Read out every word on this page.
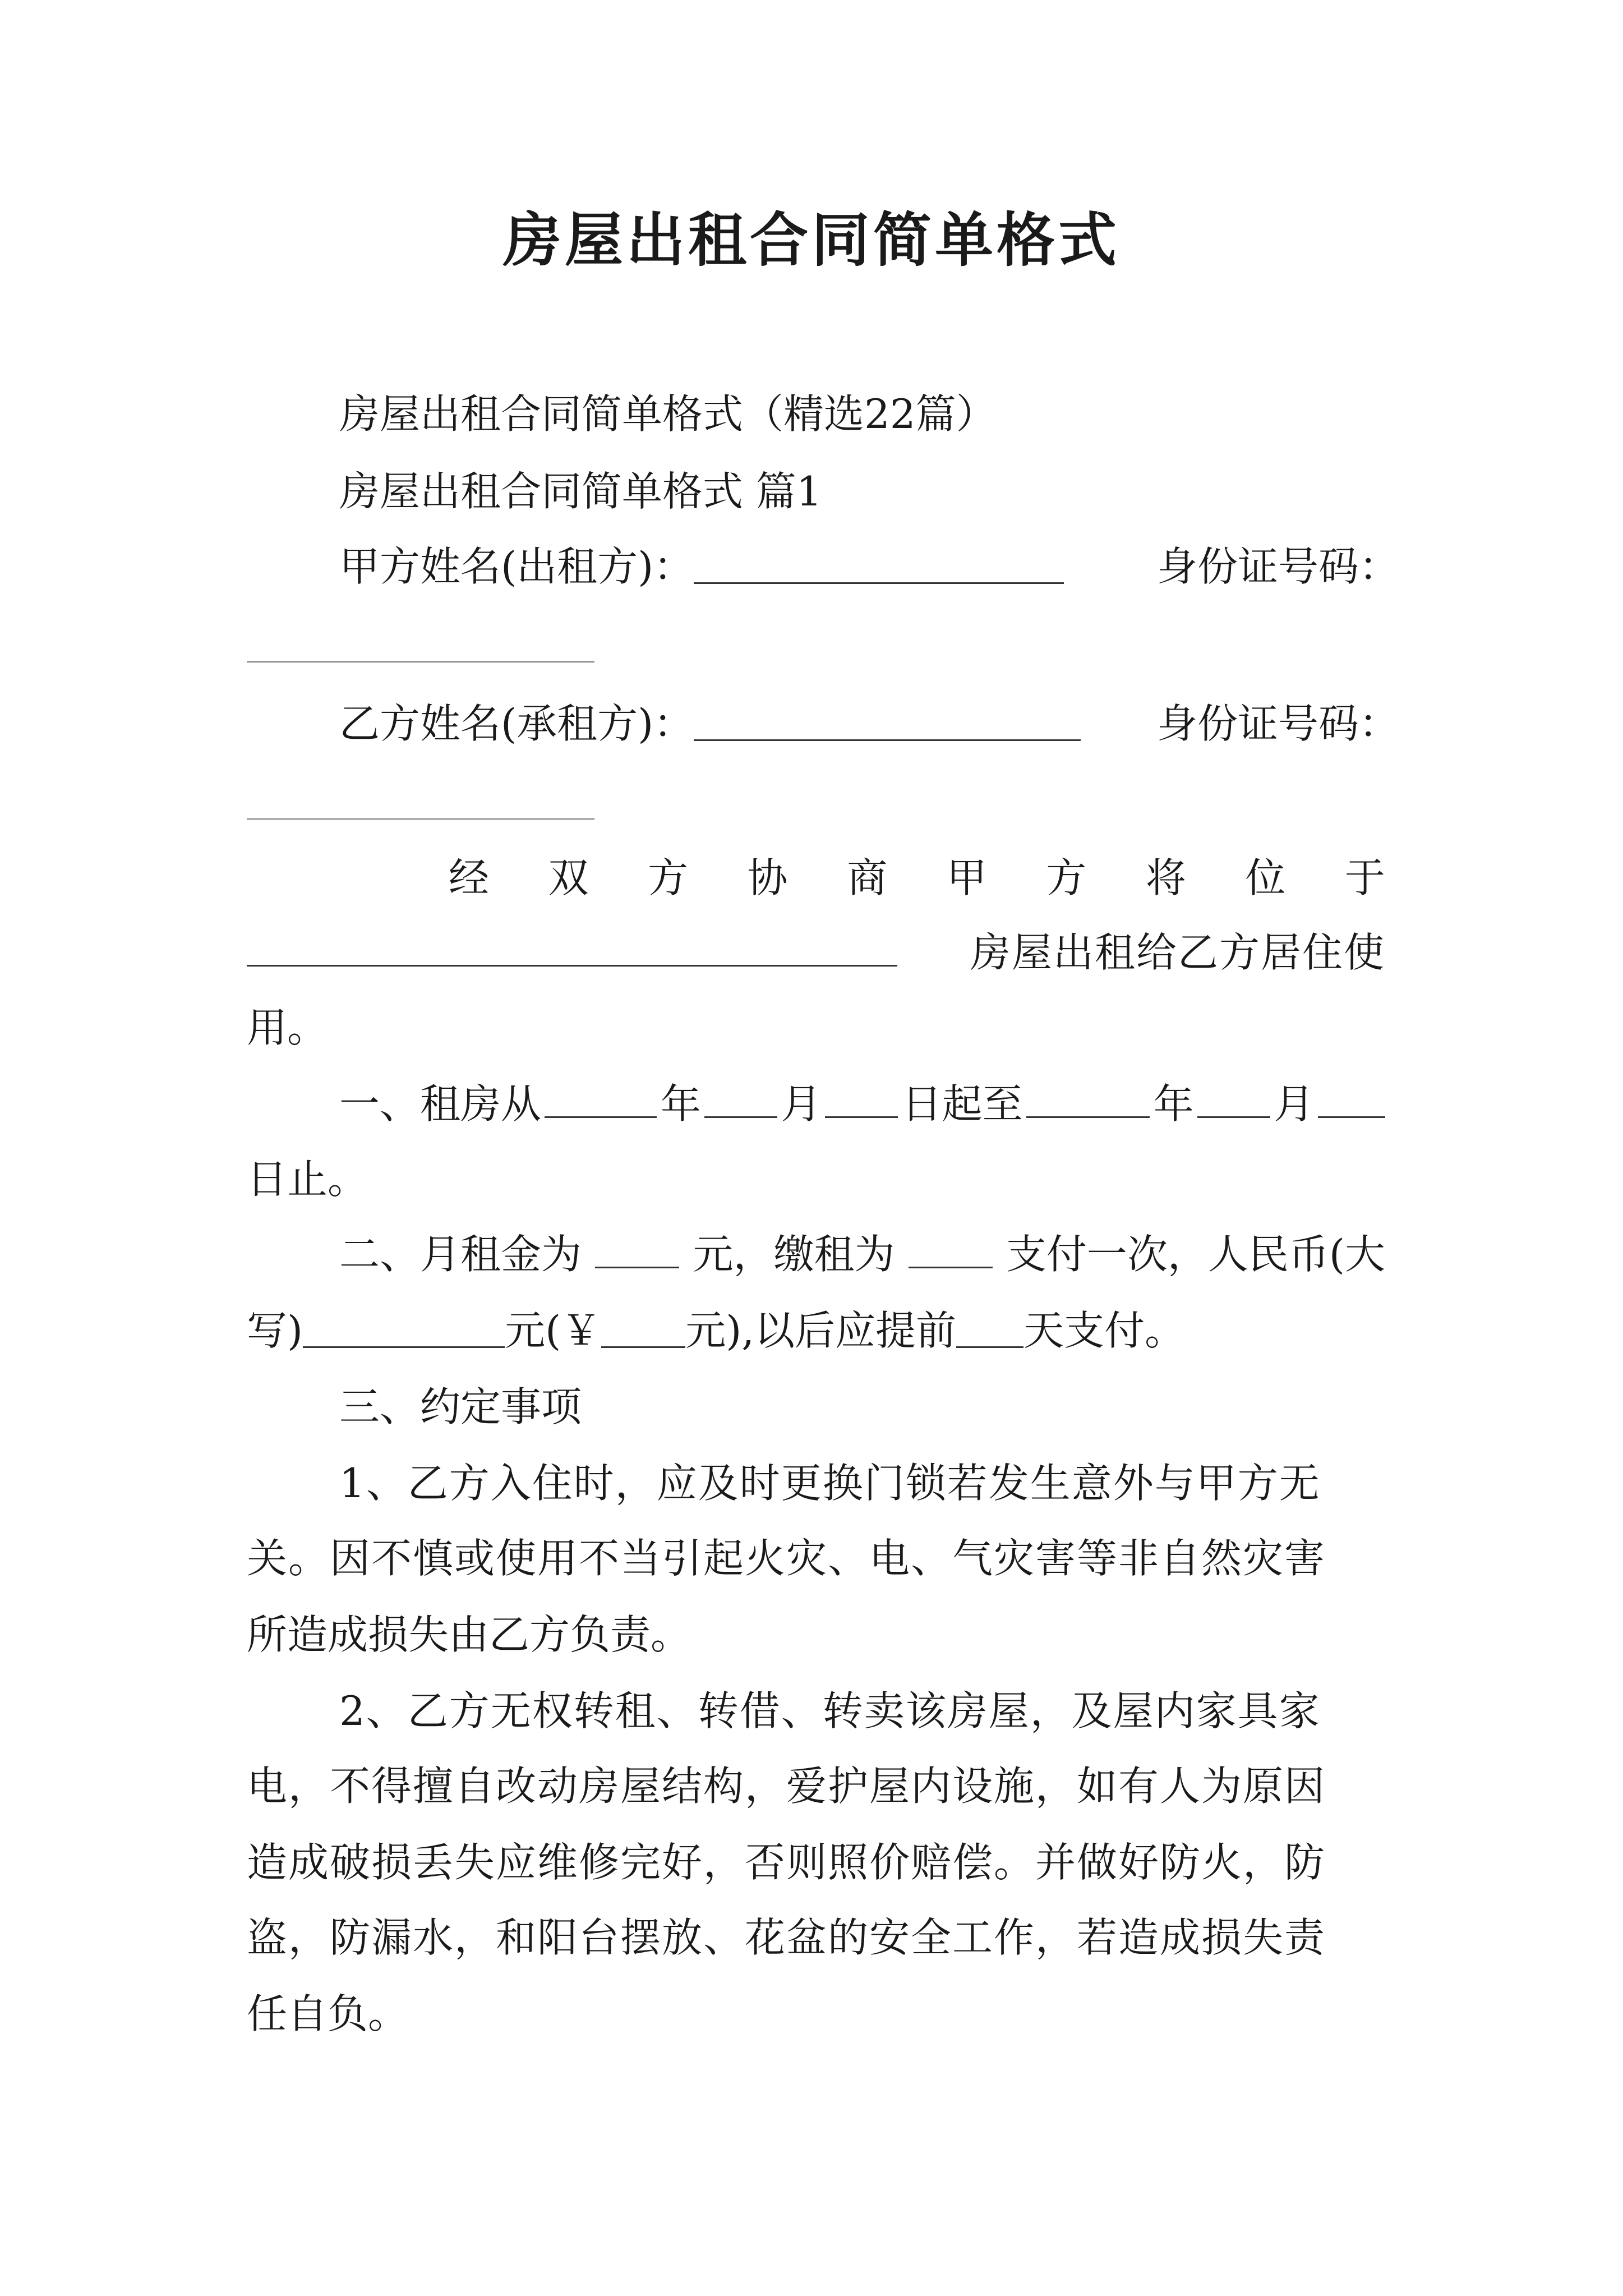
房屋出租合同简单格式
房屋出租合同简单格式（精选22篇）
房屋出租合同简单格式 篇1
甲方姓名(出租方)：	身份证号码：
乙方姓名(承租方)：	身份证号码：
经 双 方 协 商 甲 方 将 位 于
房屋出租给乙方居住使
用。
一、租房从	年 月 日起至	年 月
日止。
二、月租金为	元，缴租为	支付一次，人民币(大
写)	元(￥ 元),以后应提前 天支付。
三、约定事项
1、乙方入住时，应及时更换门锁若发生意外与甲方无
关。因不慎或使用不当引起火灾、电、气灾害等非自然灾害
所造成损失由乙方负责。
2、乙方无权转租、转借、转卖该房屋，及屋内家具家
电，不得擅自改动房屋结构，爱护屋内设施，如有人为原因
造成破损丢失应维修完好，否则照价赔偿。并做好防火，防
盗，防漏水，和阳台摆放、花盆的安全工作，若造成损失责
任自负。
